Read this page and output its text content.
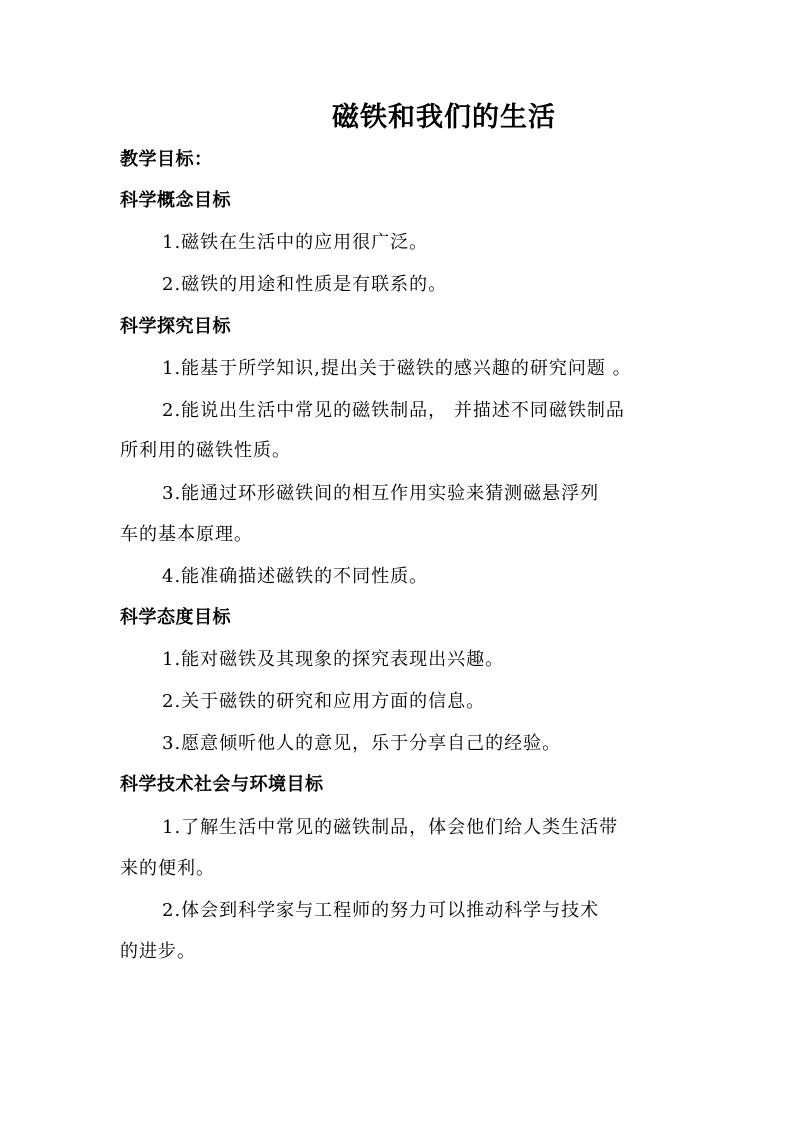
磁铁和我们的生活
教学目标：
科学概念目标
1.磁铁在生活中的应用很广泛。
2.磁铁的用途和性质是有联系的。
科学探究目标
1.能基于所学知识,提出关于磁铁的感兴趣的研究问题 。
2.能说出生活中常见的磁铁制品， 并描述不同磁铁制品
所利用的磁铁性质。
3.能通过环形磁铁间的相互作用实验来猜测磁悬浮列
车的基本原理。
4.能准确描述磁铁的不同性质。
科学态度目标
1.能对磁铁及其现象的探究表现出兴趣。
2.关于磁铁的研究和应用方面的信息。
3.愿意倾听他人的意见，乐于分享自己的经验。
科学技术社会与环境目标
1.了解生活中常见的磁铁制品，体会他们给人类生活带
来的便利。
2.体会到科学家与工程师的努力可以推动科学与技术
的进步。
